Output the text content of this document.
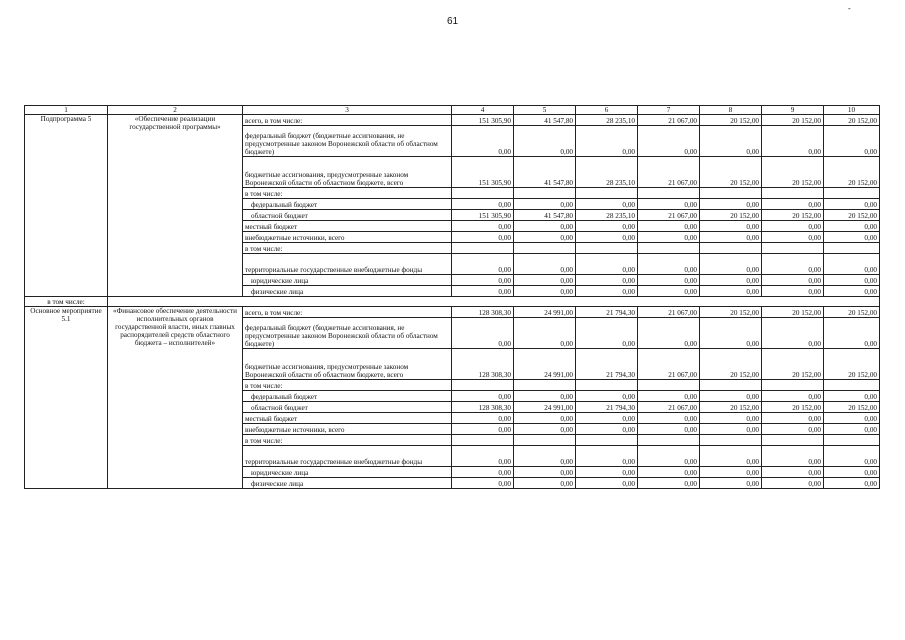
61
-
1	2	3	4	5	6	7	8	9	10
Подпрограмма 5	«Обеспечение реализации государственной программы»	всего, в том числе:	151 305,90	41 547,80	28 235,10	21 067,00	20 152,00	20 152,00	20 152,00
		федеральный бюджет (бюджетные ассигнования, не предусмотренные законом Воронежской области об областном бюджете)	0,00	0,00	0,00	0,00	0,00	0,00	0,00
		бюджетные ассигнования, предусмотренные законом Воронежской области об областном бюджете, всего	151 305,90	41 547,80	28 235,10	21 067,00	20 152,00	20 152,00	20 152,00
		в том числе:							
		федеральный бюджет	0,00	0,00	0,00	0,00	0,00	0,00	0,00
		областной бюджет	151 305,90	41 547,80	28 235,10	21 067,00	20 152,00	20 152,00	20 152,00
		местный бюджет	0,00	0,00	0,00	0,00	0,00	0,00	0,00
		внебюджетные источники, всего	0,00	0,00	0,00	0,00	0,00	0,00	0,00
		в том числе:							
		территориальные государственные внебюджетные фонды	0,00	0,00	0,00	0,00	0,00	0,00	0,00
		юридические лица	0,00	0,00	0,00	0,00	0,00	0,00	0,00
		физические лица	0,00	0,00	0,00	0,00	0,00	0,00	0,00
в том числе:									
Основное мероприятие 5.1	«Финансовое обеспечение деятельности исполнительных органов государственной власти, иных главных распорядителей средств областного бюджета – исполнителей»	всего, в том числе:	128 308,30	24 991,00	21 794,30	21 067,00	20 152,00	20 152,00	20 152,00
		федеральный бюджет (бюджетные ассигнования, не предусмотренные законом Воронежской области об областном бюджете)	0,00	0,00	0,00	0,00	0,00	0,00	0,00
		бюджетные ассигнования, предусмотренные законом Воронежской области об областном бюджете, всего	128 308,30	24 991,00	21 794,30	21 067,00	20 152,00	20 152,00	20 152,00
		в том числе:							
		федеральный бюджет	0,00	0,00	0,00	0,00	0,00	0,00	0,00
		областной бюджет	128 308,30	24 991,00	21 794,30	21 067,00	20 152,00	20 152,00	20 152,00
		местный бюджет	0,00	0,00	0,00	0,00	0,00	0,00	0,00
		внебюджетные источники, всего	0,00	0,00	0,00	0,00	0,00	0,00	0,00
		в том числе:							
		территориальные государственные внебюджетные фонды	0,00	0,00	0,00	0,00	0,00	0,00	0,00
		юридические лица	0,00	0,00	0,00	0,00	0,00	0,00	0,00
		физические лица	0,00	0,00	0,00	0,00	0,00	0,00	0,00
